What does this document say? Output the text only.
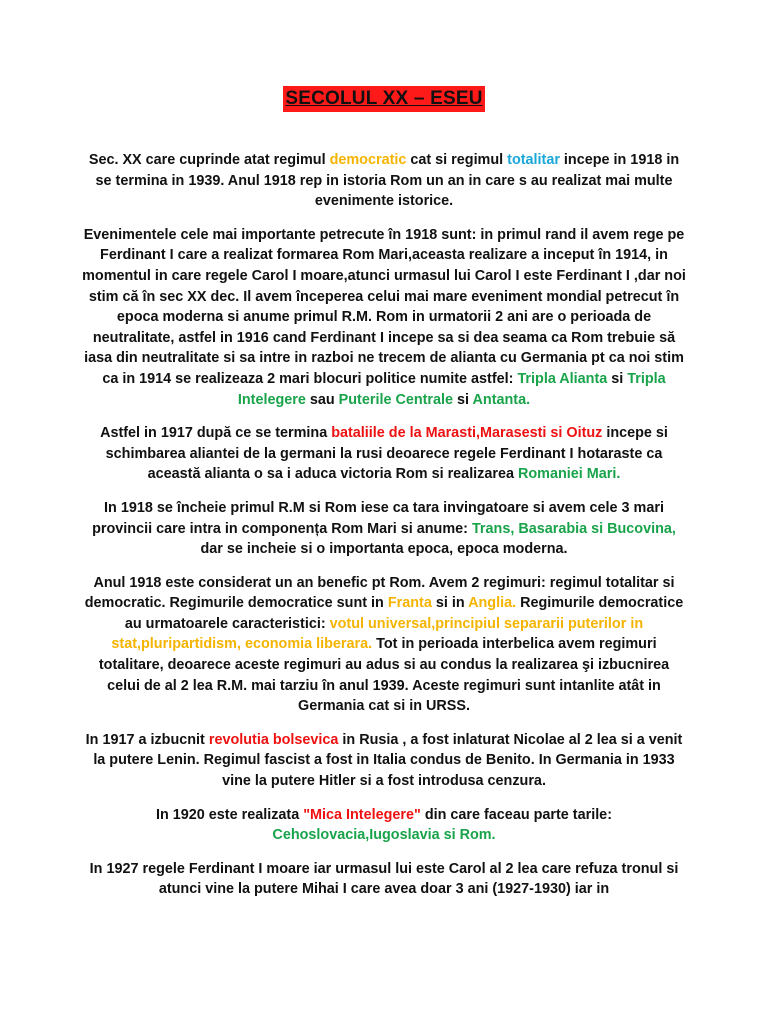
SECOLUL XX – ESEU

Sec. XX care cuprinde atat regimul democratic cat si regimul totalitar incepe in 1918 in se termina in 1939. Anul 1918 rep in istoria Rom un an in care s au realizat mai multe evenimente istorice.

Evenimentele cele mai importante petrecute în 1918 sunt: in primul rand il avem rege pe Ferdinant I care a realizat formarea Rom Mari,aceasta realizare a inceput în 1914, in momentul in care regele Carol I moare,atunci urmasul lui Carol I este Ferdinant I ,dar noi stim că în sec XX dec. Il avem începerea celui mai mare eveniment mondial petrecut în epoca moderna si anume primul R.M. Rom in urmatorii 2 ani are o perioada de neutralitate, astfel in 1916 cand Ferdinant I incepe sa si dea seama ca Rom trebuie să iasa din neutralitate si sa intre in razboi ne trecem de alianta cu Germania pt ca noi stim ca in 1914 se realizeaza 2 mari blocuri politice numite astfel: Tripla Alianta si Tripla Intelegere sau Puterile Centrale si Antanta.

Astfel in 1917 după ce se termina bataliile de la Marasti,Marasesti si Oituz incepe si schimbarea aliantei de la germani la rusi deoarece regele Ferdinant I hotaraste ca această alianta o sa i aduca victoria Rom si realizarea Romaniei Mari.

In 1918 se încheie primul R.M si Rom iese ca tara invingatoare si avem cele 3 mari provincii care intra in componența Rom Mari si anume: Trans, Basarabia si Bucovina, dar se incheie si o importanta epoca, epoca moderna.

Anul 1918 este considerat un an benefic pt Rom. Avem 2 regimuri: regimul totalitar si democratic. Regimurile democratice sunt in Franta si in Anglia. Regimurile democratice au urmatoarele caracteristici: votul universal,principiul separarii puterilor in stat,pluripartidism, economia liberara. Tot in perioada interbelica avem regimuri totalitare, deoarece aceste regimuri au adus si au condus la realizarea şi izbucnirea celui de al 2 lea R.M. mai tarziu în anul 1939. Aceste regimuri sunt intanlite atât in Germania cat si in URSS.

In 1917 a izbucnit revolutia bolsevica in Rusia , a fost inlaturat Nicolae al 2 lea si a venit la putere Lenin. Regimul fascist a fost in Italia condus de Benito. In Germania in 1933 vine la putere Hitler si a fost introdusa cenzura.

In 1920 este realizata "Mica Intelegere" din care faceau parte tarile: Cehoslovacia,Iugoslavia si Rom.

In 1927 regele Ferdinant I moare iar urmasul lui este Carol al 2 lea care refuza tronul si atunci vine la putere Mihai I care avea doar 3 ani (1927-1930) iar in
